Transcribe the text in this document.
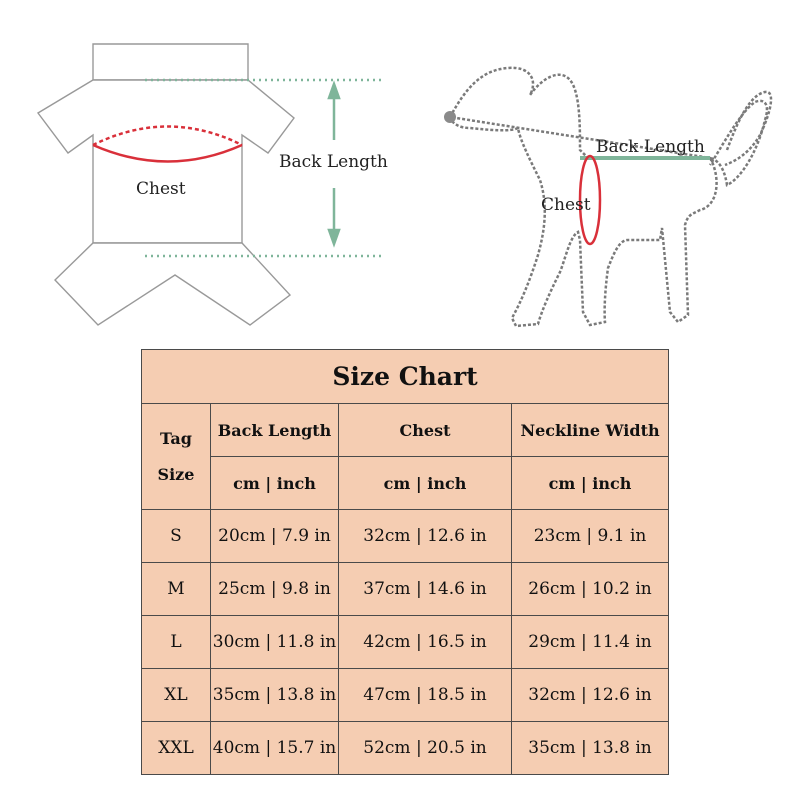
Back Length
Chest
Back Length
Chest
Size Chart			

Tag
Size	Back Length	Chest	Neckline Width
	cm | inch	cm | inch	cm | inch
S	20cm | 7.9 in	32cm | 12.6 in	23cm | 9.1 in
M	25cm | 9.8 in	37cm | 14.6 in	26cm | 10.2 in
L	30cm | 11.8 in	42cm | 16.5 in	29cm | 11.4 in
XL	35cm | 13.8 in	47cm | 18.5 in	32cm | 12.6 in
XXL	40cm | 15.7 in	52cm | 20.5 in	35cm | 13.8 in
